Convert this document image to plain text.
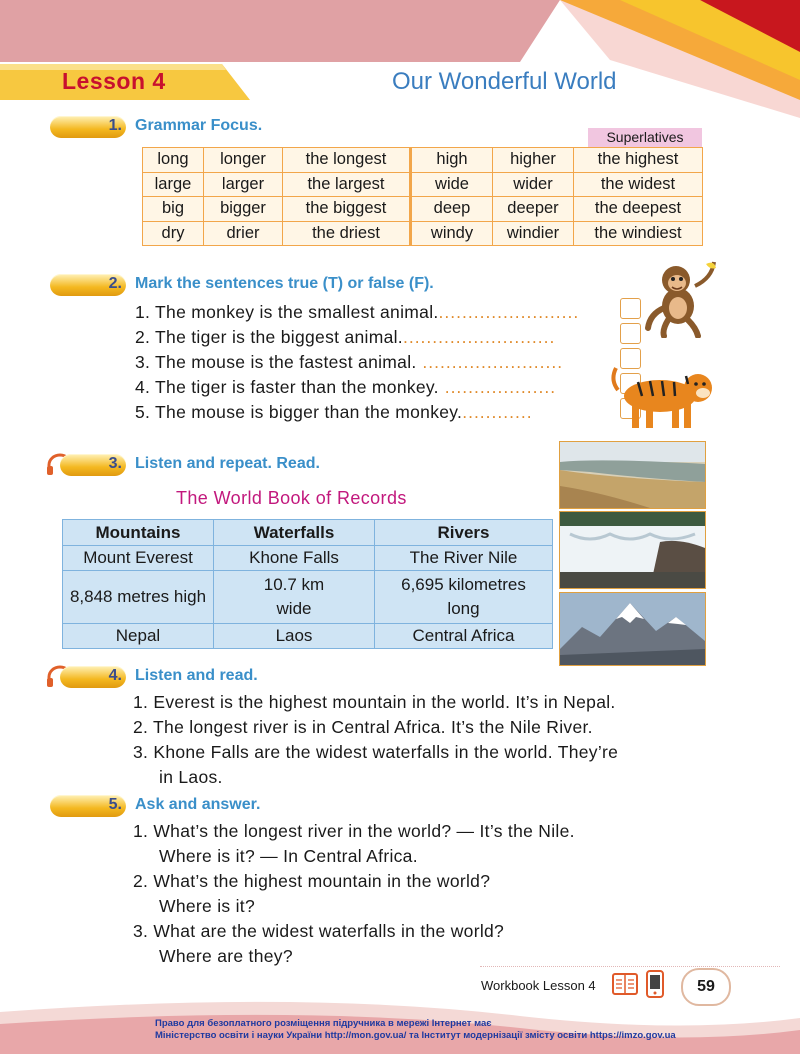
Lesson 4	Our Wonderful World
1. Grammar Focus.
Superlatives
long	longer	the longest	high	higher	the highest
large	larger	the largest	wide	wider	the widest
big	bigger	the biggest	deep	deeper	the deepest
dry	drier	the driest	windy	windier	the windiest
2. Mark the sentences true (T) or false (F).
1. The monkey is the smallest animal.........................
2. The tiger is the biggest animal...........................
3. The mouse is the fastest animal. ........................
4. The tiger is faster than the monkey. ...................
5. The mouse is bigger than the monkey.............
3. Listen and repeat. Read.
The World Book of Records
Mountains	Waterfalls	Rivers
Mount Everest	Khone Falls	The River Nile
8,848 metres high	10.7 km wide	6,695 kilometres long
Nepal	Laos	Central Africa
4. Listen and read.
1. Everest is the highest mountain in the world. It’s in Nepal.
2. The longest river is in Central Africa. It’s the Nile River.
3. Khone Falls are the widest waterfalls in the world. They’re
in Laos.
5. Ask and answer.
1. What’s the longest river in the world? — It’s the Nile.
Where is it? — In Central Africa.
2. What’s the highest mountain in the world?
Where is it?
3. What are the widest waterfalls in the world?
Where are they?
Workbook Lesson 4	59
Право для безоплатного розміщення підручника в мережі Інтернет має
Міністерство освіти і науки України http://mon.gov.ua/ та Інститут модернізації змісту освіти https://imzo.gov.ua
